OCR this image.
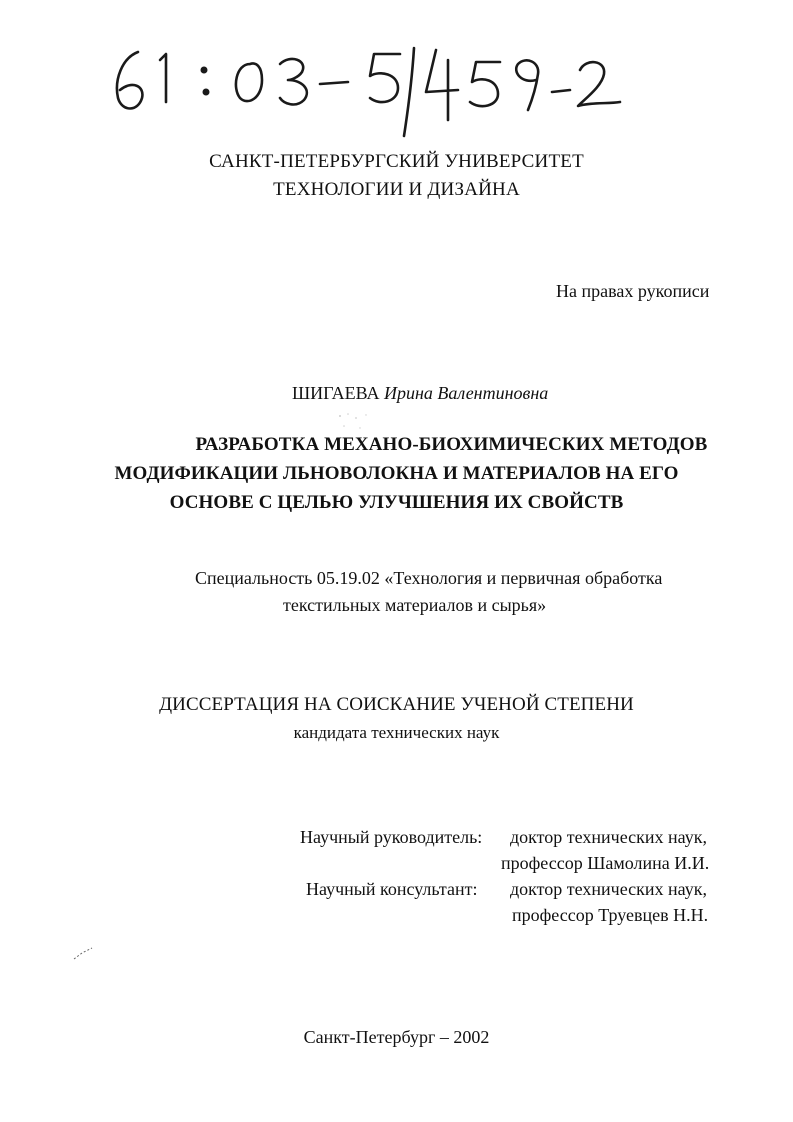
САНКТ-ПЕТЕРБУРГСКИЙ УНИВЕРСИТЕТ
ТЕХНОЛОГИИ И ДИЗАЙНА
На правах рукописи
ШИГАЕВА Ирина Валентиновна
РАЗРАБОТКА МЕХАНО-БИОХИМИЧЕСКИХ МЕТОДОВ
МОДИФИКАЦИИ ЛЬНОВОЛОКНА И МАТЕРИАЛОВ НА ЕГО
ОСНОВЕ С ЦЕЛЬЮ УЛУЧШЕНИЯ ИХ СВОЙСТВ
Специальность 05.19.02 «Технология и первичная обработка
текстильных материалов и сырья»
ДИССЕРТАЦИЯ НА СОИСКАНИЕ УЧЕНОЙ СТЕПЕНИ
кандидата технических наук
Научный руководитель: доктор технических наук,
профессор Шамолина И.И.
Научный консультант: доктор технических наук,
профессор Труевцев Н.Н.
Санкт-Петербург – 2002
